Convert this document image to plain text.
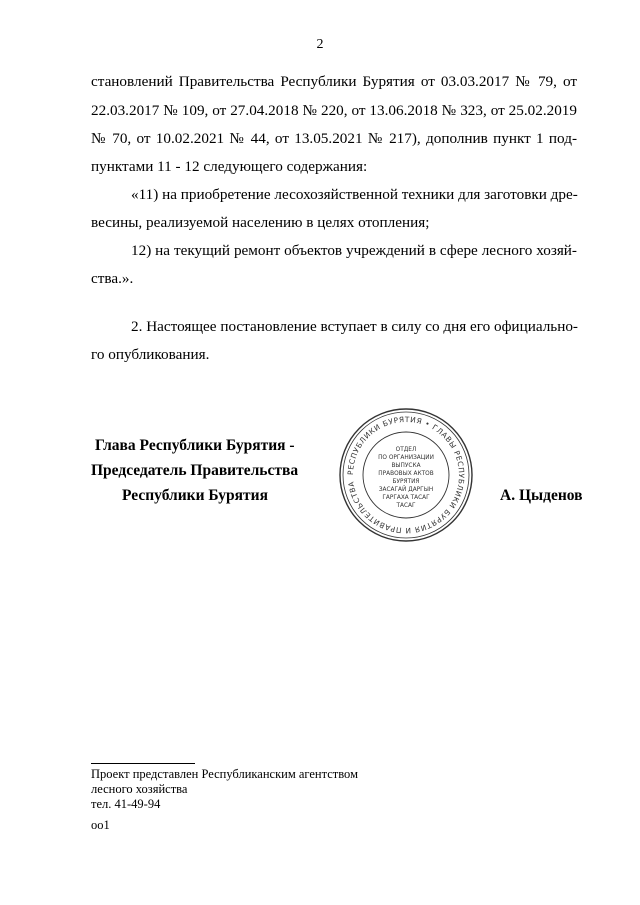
2
становлений Правительства Республики Бурятия от 03.03.2017 № 79, от
22.03.2017 № 109, от 27.04.2018 № 220, от 13.06.2018 № 323, от 25.02.2019
№ 70, от 10.02.2021 № 44, от 13.05.2021 № 217), дополнив пункт 1 под-
пунктами 11 - 12 следующего содержания:
«11) на приобретение лесохозяйственной техники для заготовки дре-
весины, реализуемой населению в целях отопления;
12) на текущий ремонт объектов учреждений в сфере лесного хозяй-
ства.».
2. Настоящее постановление вступает в силу со дня его официально-
го опубликования.
Глава Республики Бурятия -
Председатель Правительства
Республики Бурятия	А. Цыденов
РЕСПУБЛИКИ БУРЯТИЯ • ГЛАВЫ РЕСПУБЛИКИ БУРЯТИЯ И ПРАВИТЕЛЬСТВА
ОТДЕЛ
ПО ОРГАНИЗАЦИИ
ВЫПУСКА
ПРАВОВЫХ АКТОВ
БУРЯТИЯ
ЗАСАГАЙ ДАРГЫН
ГАРГАХА ТАСАГ
ТАСАГ
Проект представлен Республиканским агентством
лесного хозяйства
тел. 41-49-94
оо1
